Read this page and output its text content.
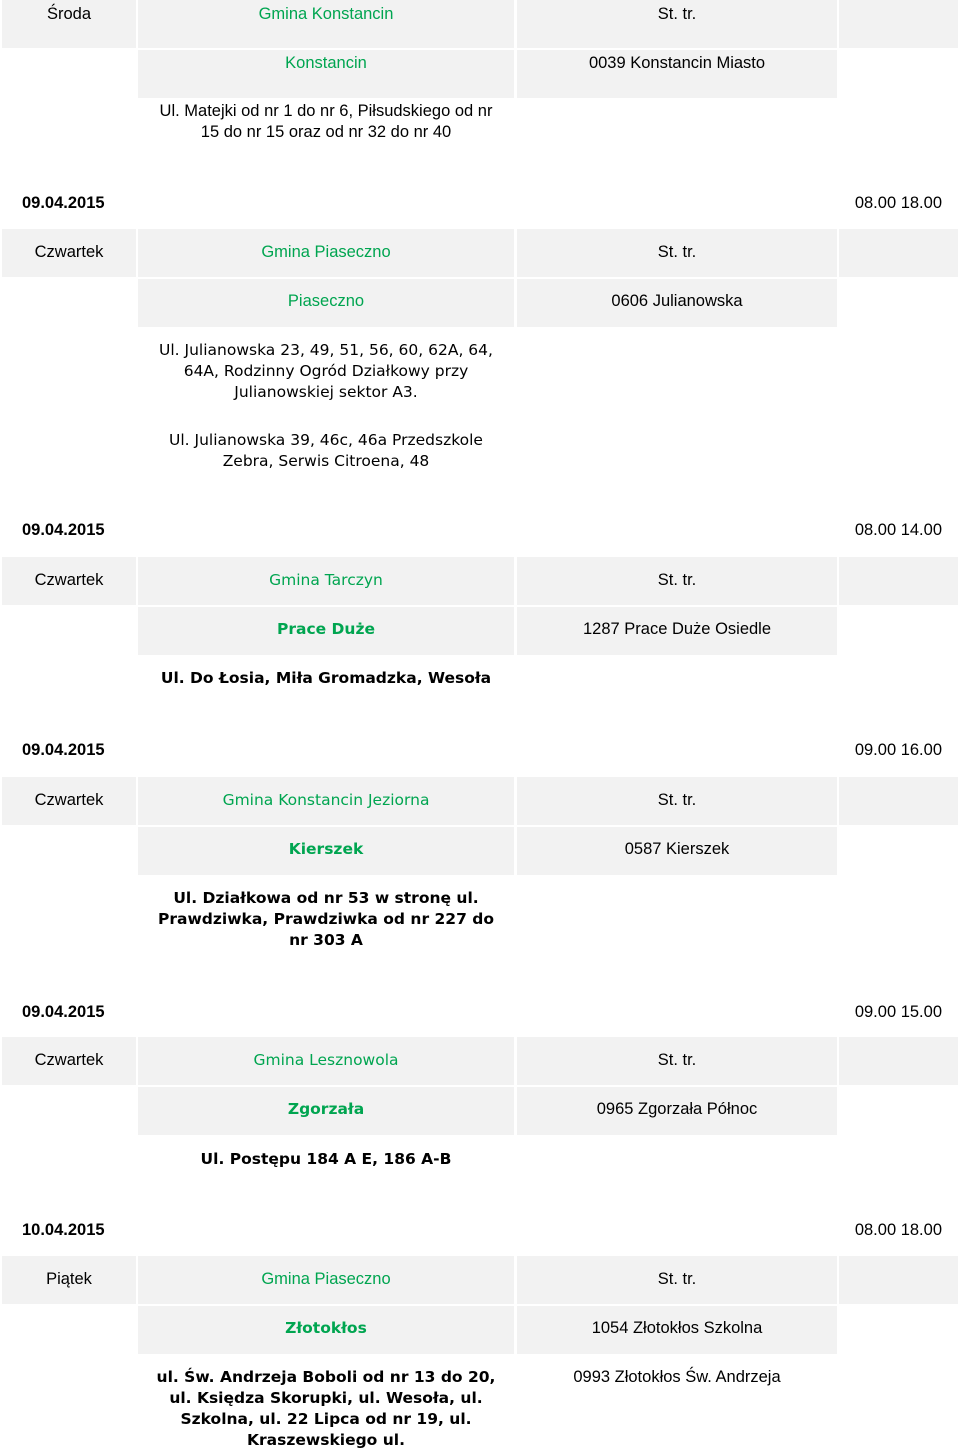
Środa	Gmina Konstancin	St. tr.
Konstancin	0039 Konstancin Miasto
Ul. Matejki od nr 1 do nr 6, Piłsudskiego od nr 15 do nr 15 oraz od nr 32 do nr 40
09.04.2015	08.00 18.00
Czwartek	Gmina Piaseczno	St. tr.
Piaseczno	0606 Julianowska
Ul. Julianowska 23, 49, 51, 56, 60, 62A, 64, 64A, Rodzinny Ogród Działkowy przy Julianowskiej sektor A3.
Ul. Julianowska 39, 46c, 46a Przedszkole Zebra, Serwis Citroena, 48
09.04.2015	08.00 14.00
Czwartek	Gmina Tarczyn	St. tr.
Prace Duże	1287 Prace Duże Osiedle
Ul. Do Łosia, Miła Gromadzka, Wesoła
09.04.2015	09.00 16.00
Czwartek	Gmina Konstancin Jeziorna	St. tr.
Kierszek	0587 Kierszek
Ul. Działkowa od nr 53 w stronę ul. Prawdziwka, Prawdziwka od nr 227 do nr 303 A
09.04.2015	09.00 15.00
Czwartek	Gmina Lesznowola	St. tr.
Zgorzała	0965 Zgorzała Północ
Ul. Postępu 184 A E, 186 A-B
10.04.2015	08.00 18.00
Piątek	Gmina Piaseczno	St. tr.
Złotokłos	1054 Złotokłos Szkolna
ul. Św. Andrzeja Boboli od nr 13 do 20, ul. Księdza Skorupki, ul. Wesoła, ul. Szkolna, ul. 22 Lipca od nr 19, ul. Kraszewskiego ul.
0993 Złotokłos Św. Andrzeja
